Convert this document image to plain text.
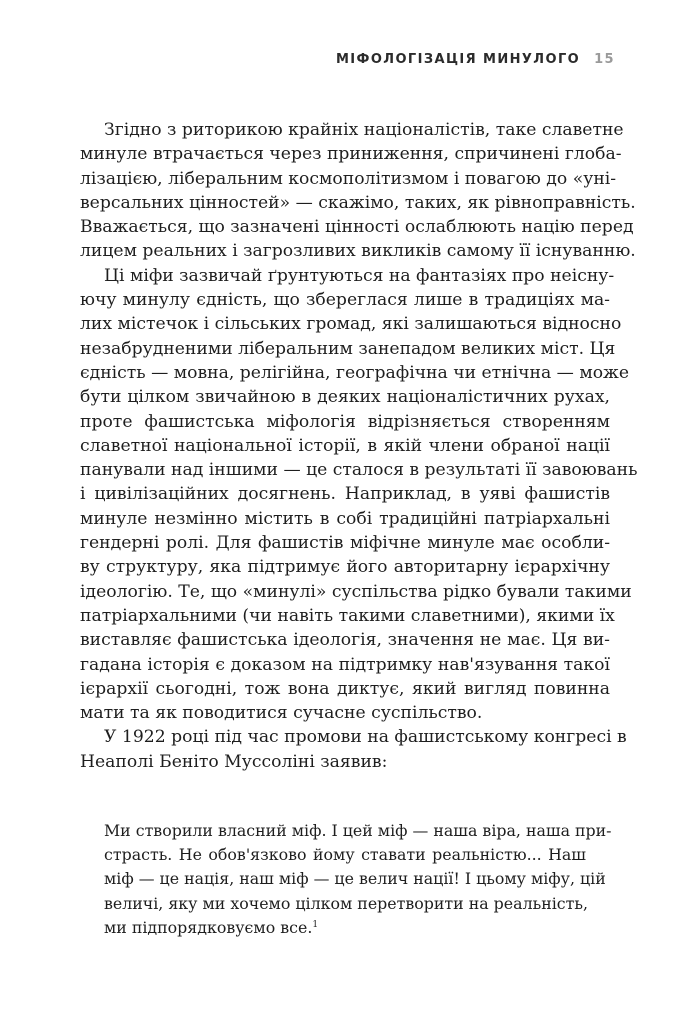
МІФОЛОГІЗАЦІЯ МИНУЛОГО 15
Згідно з риторикою крайніх націоналістів, таке славетне
минуле втрачається через приниження, спричинені глоба-
лізацією, ліберальним космополітизмом і повагою до «уні-
версальних цінностей» — скажімо, таких, як рівноправність.
Вважається, що зазначені цінності ослаблюють націю перед
лицем реальних і загрозливих викликів самому її існуванню.
Ці міфи зазвичай ґрунтуються на фантазіях про неісну-
ючу минулу єдність, що збереглася лише в традиціях ма-
лих містечок і сільських громад, які залишаються відносно
незабрудненими ліберальним занепадом великих міст. Ця
єдність — мовна, релігійна, географічна чи етнічна — може
бути цілком звичайною в деяких націоналістичних рухах,
проте фашистська міфологія відрізняється створенням
славетної національної історії, в якій члени обраної нації
панували над іншими — це сталося в результаті її завоювань
і цивілізаційних досягнень. Наприклад, в уяві фашистів
минуле незмінно містить в собі традиційні патріархальні
гендерні ролі. Для фашистів міфічне минуле має особли-
ву структуру, яка підтримує його авторитарну ієрархічну
ідеологію. Те, що «минулі» суспільства рідко бували такими
патріархальними (чи навіть такими славетними), якими їх
виставляє фашистська ідеологія, значення не має. Ця ви-
гадана історія є доказом на підтримку нав'язування такої
ієрархії сьогодні, тож вона диктує, який вигляд повинна
мати та як поводитися сучасне суспільство.
У 1922 році під час промови на фашистському конгресі в
Неаполі Беніто Муссоліні заявив:
Ми створили власний міф. І цей міф — наша віра, наша при-
страсть. Не обов'язково йому ставати реальністю... Наш
міф — це нація, наш міф — це велич нації! І цьому міфу, цій
величі, яку ми хочемо цілком перетворити на реальність,
ми підпорядковуємо все.$^1$
